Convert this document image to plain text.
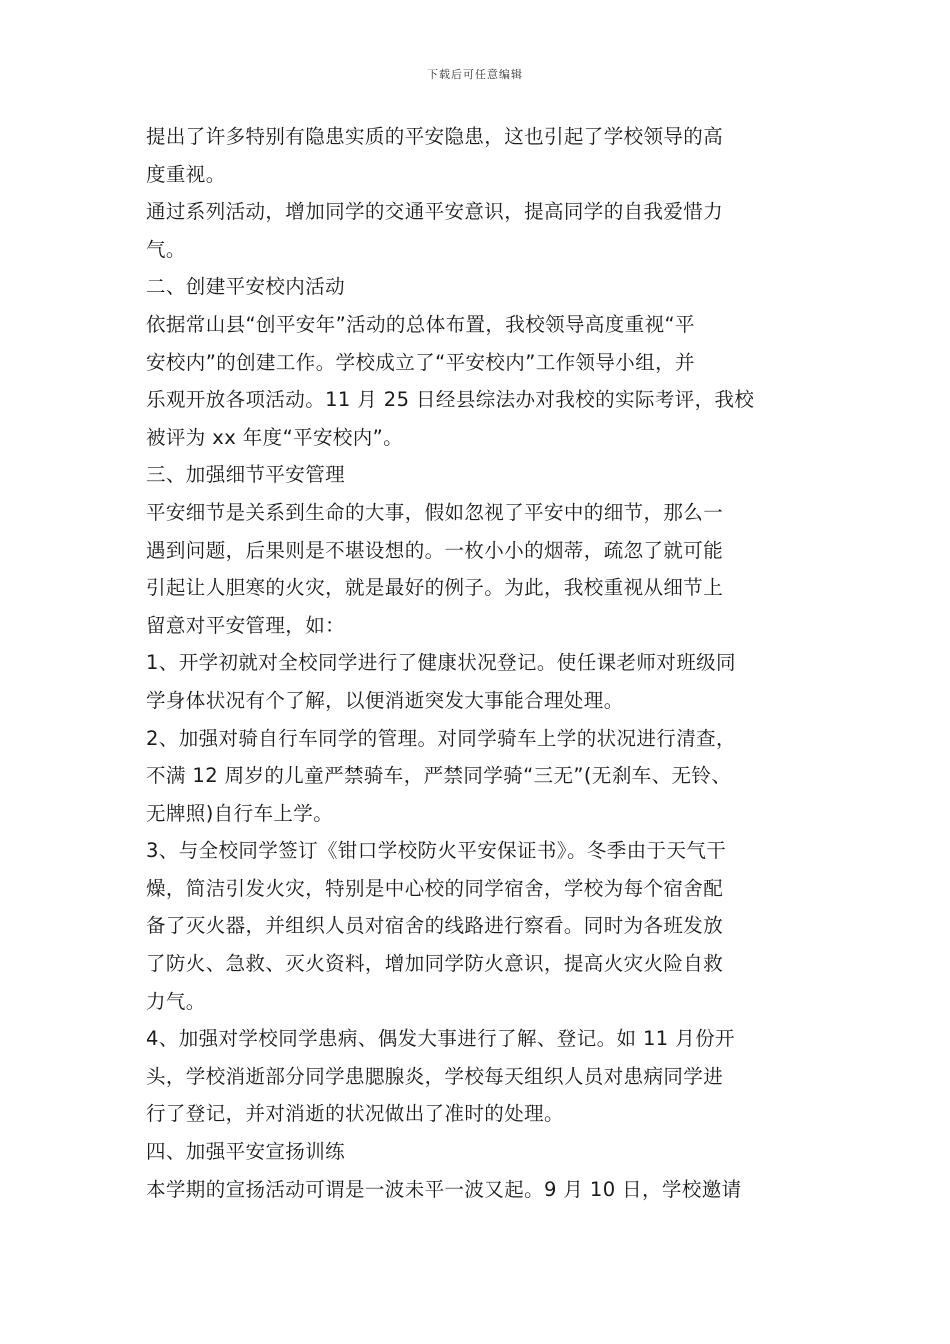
下载后可任意编辑
提出了许多特别有隐患实质的平安隐患，这也引起了学校领导的高
度重视。
通过系列活动，增加同学的交通平安意识，提高同学的自我爱惜力
气。
二、创建平安校内活动
依据常山县“创平安年”活动的总体布置，我校领导高度重视“平
安校内”的创建工作。学校成立了“平安校内”工作领导小组，并
乐观开放各项活动。11 月 25 日经县综法办对我校的实际考评，我校
被评为 xx 年度“平安校内”。
三、加强细节平安管理
平安细节是关系到生命的大事，假如忽视了平安中的细节，那么一
遇到问题，后果则是不堪设想的。一枚小小的烟蒂，疏忽了就可能
引起让人胆寒的火灾，就是最好的例子。为此，我校重视从细节上
留意对平安管理，如：
1、开学初就对全校同学进行了健康状况登记。使任课老师对班级同
学身体状况有个了解，以便消逝突发大事能合理处理。
2、加强对骑自行车同学的管理。对同学骑车上学的状况进行清查，
不满 12 周岁的儿童严禁骑车，严禁同学骑“三无”(无刹车、无铃、
无牌照)自行车上学。
3、与全校同学签订《钳口学校防火平安保证书》。冬季由于天气干
燥，简洁引发火灾，特别是中心校的同学宿舍，学校为每个宿舍配
备了灭火器，并组织人员对宿舍的线路进行察看。同时为各班发放
了防火、急救、灭火资料，增加同学防火意识，提高火灾火险自救
力气。
4、加强对学校同学患病、偶发大事进行了解、登记。如 11 月份开
头，学校消逝部分同学患腮腺炎，学校每天组织人员对患病同学进
行了登记，并对消逝的状况做出了准时的处理。
四、加强平安宣扬训练
本学期的宣扬活动可谓是一波未平一波又起。9 月 10 日，学校邀请
